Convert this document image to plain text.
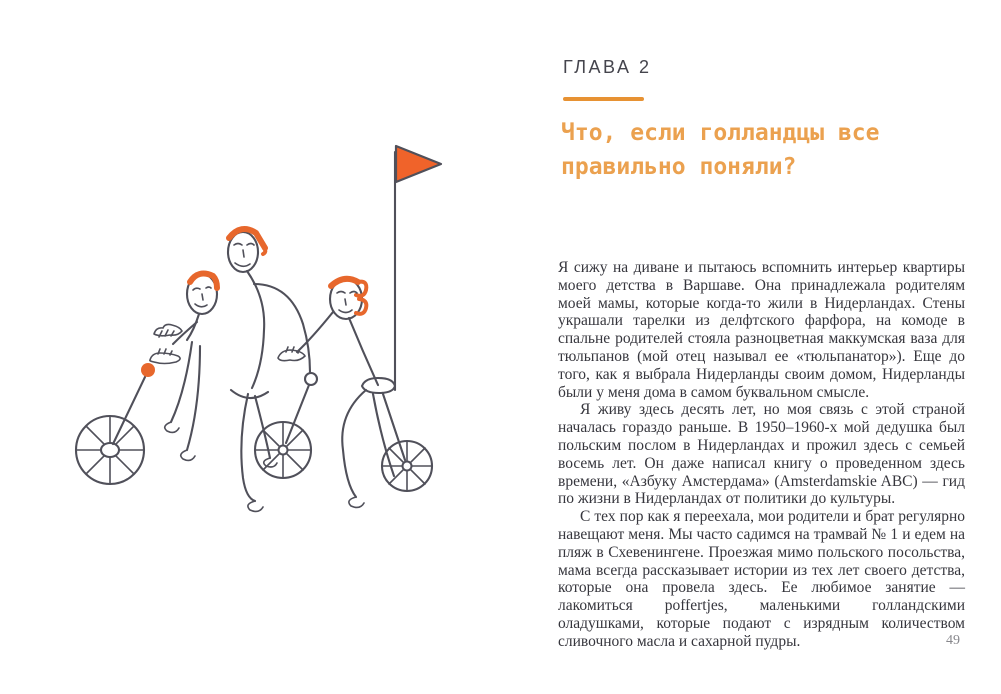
ГЛАВА 2
Что, если голландцы все
правильно поняли?

Я сижу на диване и пытаюсь вспомнить интерьер квартиры моего детства в Варшаве. Она принадлежала родителям моей мамы, которые когда-то жили в Нидерландах. Стены украшали тарелки из делфтского фарфора, на комоде в спальне родителей стояла разноцветная маккумская ваза для тюльпанов (мой отец называл ее «тюльпанатор»). Еще до того, как я выбрала Нидерланды своим домом, Нидерланды были у меня дома в самом буквальном смысле.

Я живу здесь десять лет, но моя связь с этой страной началась гораздо раньше. В 1950–1960-х мой дедушка был польским послом в Нидерландах и прожил здесь с семьей восемь лет. Он даже написал книгу о проведенном здесь времени, «Азбуку Амстердама» (Amsterdamskie ABC) — гид по жизни в Нидерландах от политики до культуры.

С тех пор как я переехала, мои родители и брат регулярно навещают меня. Мы часто садимся на трамвай № 1 и едем на пляж в Схевенингене. Проезжая мимо польского посольства, мама всегда рассказывает истории из тех лет своего детства, которые она провела здесь. Ее любимое занятие — лакомиться poffertjes, маленькими голландскими оладушками, которые подают с изрядным количеством сливочного масла и сахарной пудры.	49
